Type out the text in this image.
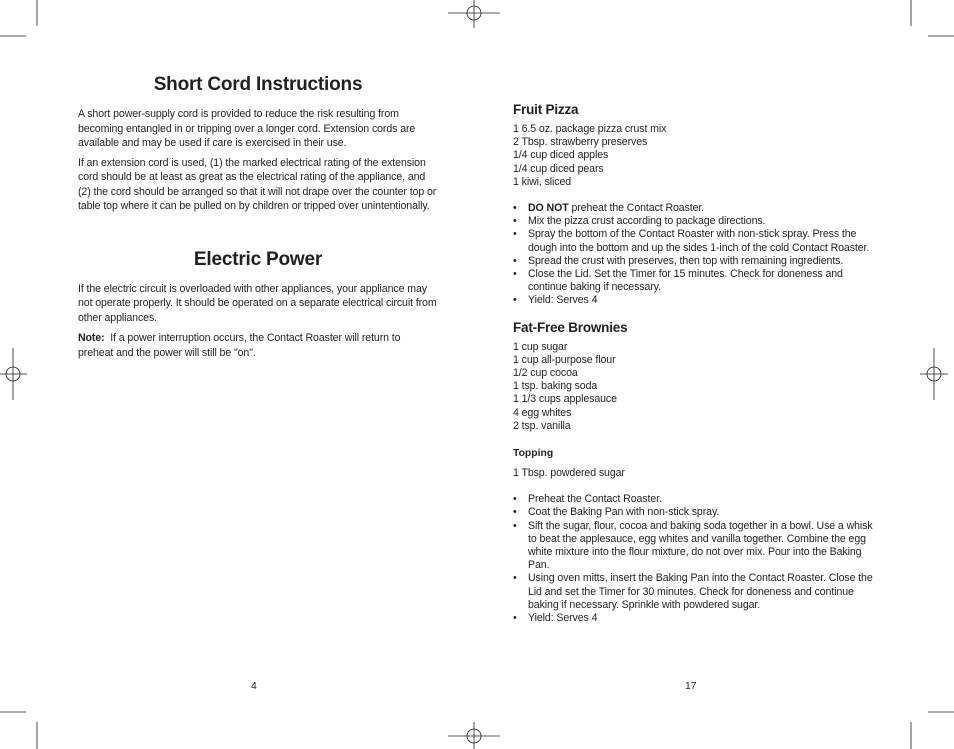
Short Cord Instructions

A short power-supply cord is provided to reduce the risk resulting from becoming entangled in or tripping over a longer cord. Extension cords are available and may be used if care is exercised in their use.

If an extension cord is used, (1) the marked electrical rating of the extension cord should be at least as great as the electrical rating of the appliance, and (2) the cord should be arranged so that it will not drape over the counter top or table top where it can be pulled on by children or tripped over unintentionally.

Electric Power

If the electric circuit is overloaded with other appliances, your appliance may not operate properly. It should be operated on a separate electrical circuit from other appliances.

Note: If a power interruption occurs, the Contact Roaster will return to preheat and the power will still be "on".

Fruit Pizza

1 6.5 oz. package pizza crust mix

2 Tbsp. strawberry preserves

1/4 cup diced apples

1/4 cup diced pears

1 kiwi, sliced

• DO NOT preheat the Contact Roaster.
• Mix the pizza crust according to package directions.
• Spray the bottom of the Contact Roaster with non-stick spray. Press the dough into the bottom and up the sides 1-inch of the cold Contact Roaster.
• Spread the crust with preserves, then top with remaining ingredients.
• Close the Lid. Set the Timer for 15 minutes. Check for doneness and continue baking if necessary.
• Yield: Serves 4
Fat-Free Brownies

1 cup sugar

1 cup all-purpose flour

1/2 cup cocoa

1 tsp. baking soda

1 1/3 cups applesauce

4 egg whites

2 tsp. vanilla

Topping

1 Tbsp. powdered sugar

• Preheat the Contact Roaster.
• Coat the Baking Pan with non-stick spray.
• Sift the sugar, flour, cocoa and baking soda together in a bowl. Use a whisk to beat the applesauce, egg whites and vanilla together. Combine the egg white mixture into the flour mixture, do not over mix. Pour into the Baking Pan.
• Using oven mitts, insert the Baking Pan into the Contact Roaster. Close the Lid and set the Timer for 30 minutes. Check for doneness and continue baking if necessary. Sprinkle with powdered sugar.
• Yield: Serves 4
4	17
